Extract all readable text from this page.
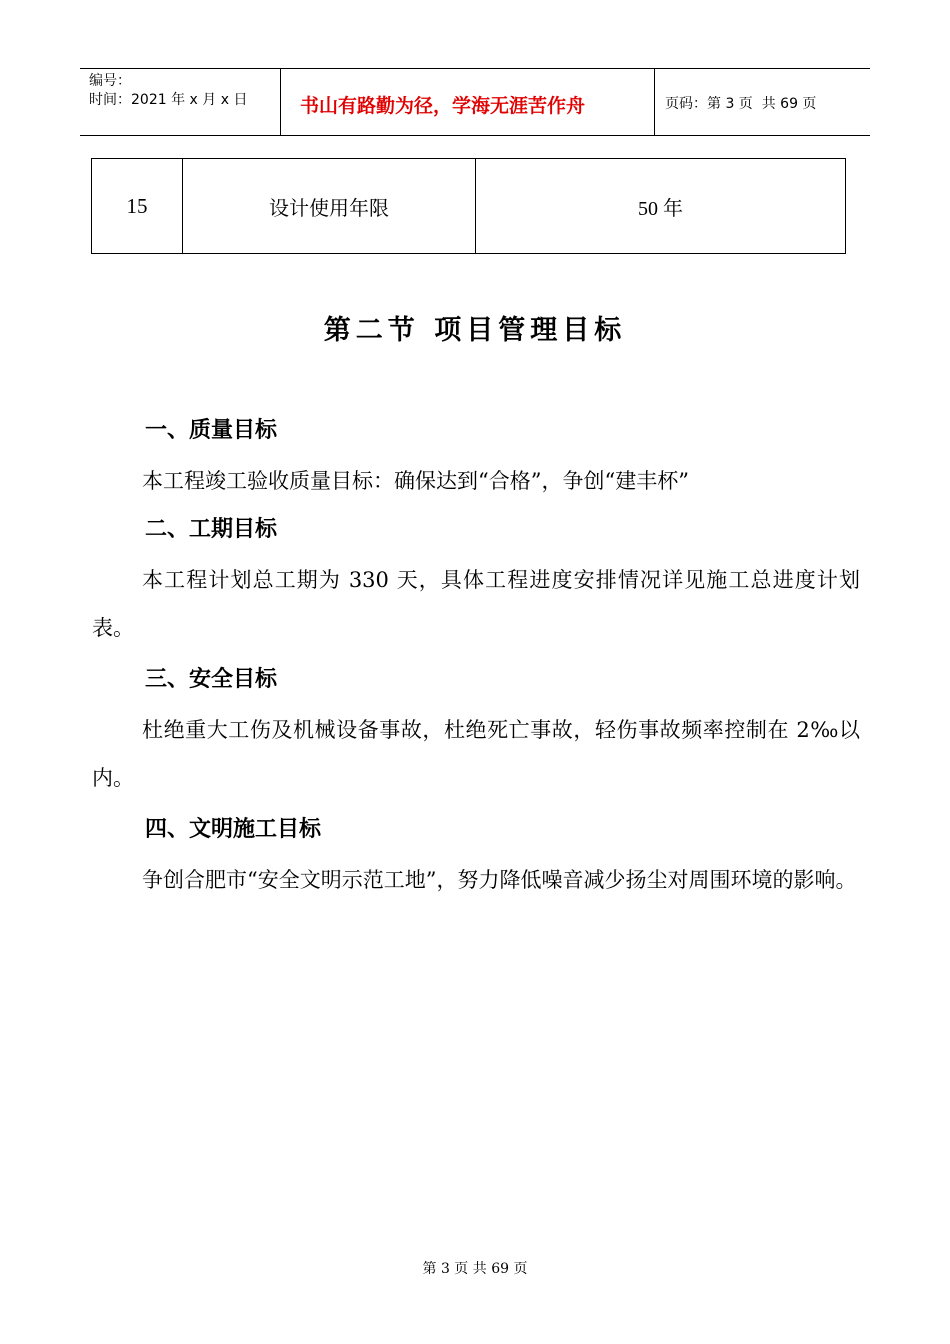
编号：
时间：2021 年 x 月 x 日	书山有路勤为径，学海无涯苦作舟	页码：第 3 页  共 69 页
15	设计使用年限	50 年
第二节 项目管理目标
一、质量目标
本工程竣工验收质量目标：确保达到“合格”，争创“建丰杯”
二、工期目标
本工程计划总工期为 330 天，具体工程进度安排情况详见施工总进度计划表。
三、安全目标
杜绝重大工伤及机械设备事故，杜绝死亡事故，轻伤事故频率控制在 2‰以内。
四、文明施工目标
争创合肥市“安全文明示范工地”，努力降低噪音减少扬尘对周围环境的影响。
第 3 页 共 69 页
